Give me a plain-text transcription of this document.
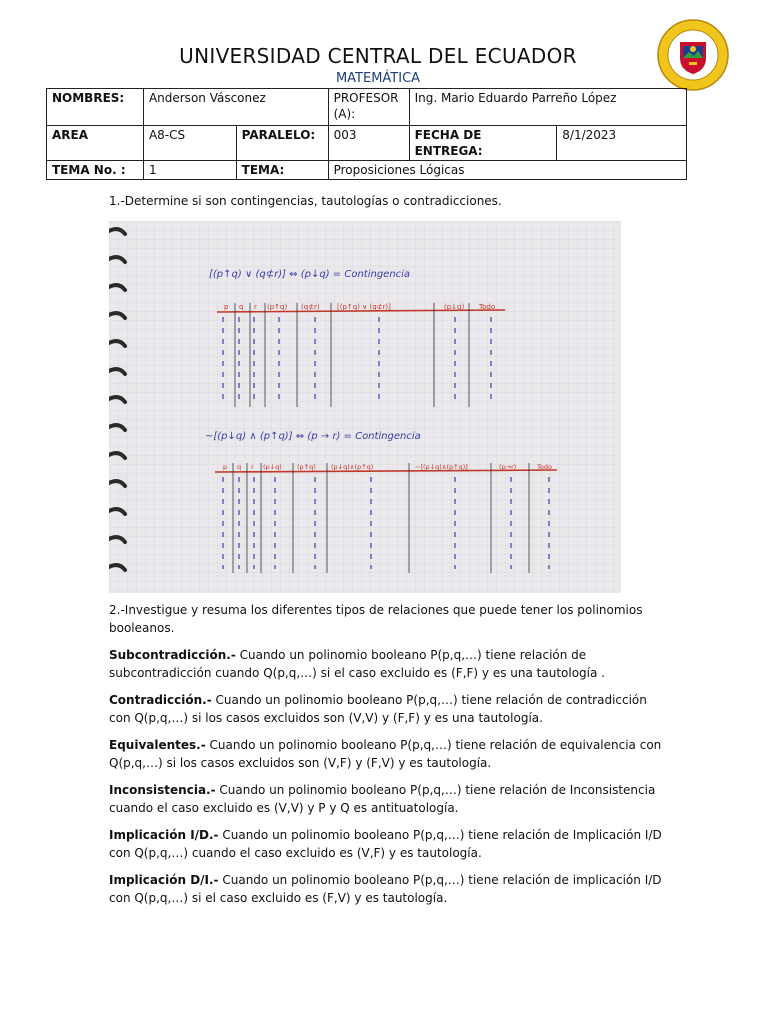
UNIVERSIDAD CENTRAL DEL ECUADOR
MATEMÁTICA
NOMBRES:	Anderson Vásconez		PROFESOR (A):	Ing. Mario Eduardo Parreño López	
AREA	A8-CS	PARALELO:	003	FECHA DE ENTREGA:	8/1/2023
TEMA No. :	1	TEMA:	Proposiciones Lógicas		
1.-Determine si son contingencias, tautologías o contradicciones.
[(p↑q) ∨ (q⊄r)] ⇔ (p↓q) = Contingencia
p q r (p↑q) (q⊄r) [(p↑q) ∨ (q⊄r)]	(p↓q) Todo
~[(p↓q) ∧ (p↑q)] ⇔ (p → r) = Contingencia
p q r (p↓q) (p↑q) (p↓q)∧(p↑q)	~[(p↓q)∧(p↑q)]	(p→r)	Todo

2.-Investigue y resuma los diferentes tipos de relaciones que puede tener los polinomios booleanos.

Subcontradicción.- Cuando un polinomio booleano P(p,q,…) tiene relación de subcontradicción cuando Q(p,q,…) si el caso excluido es (F,F) y es una tautología .

Contradicción.- Cuando un polinomio booleano P(p,q,…) tiene relación de contradicción con Q(p,q,…) si los casos excluidos son (V,V) y (F,F) y es una tautología.

Equivalentes.- Cuando un polinomio booleano P(p,q,…) tiene relación de equivalencia con Q(p,q,…) si los casos excluidos son (V,F) y (F,V) y es tautología.

Inconsistencia.- Cuando un polinomio booleano P(p,q,…) tiene relación de Inconsistencia cuando el caso excluido es (V,V) y P y Q es antituatología.

Implicación I/D.- Cuando un polinomio booleano P(p,q,…) tiene relación de Implicación I/D con Q(p,q,…) cuando el caso excluido es (V,F) y es tautología.

Implicación D/I.- Cuando un polinomio booleano P(p,q,…) tiene relación de implicación I/D con Q(p,q,…) si el caso excluido es (F,V) y es tautología.
